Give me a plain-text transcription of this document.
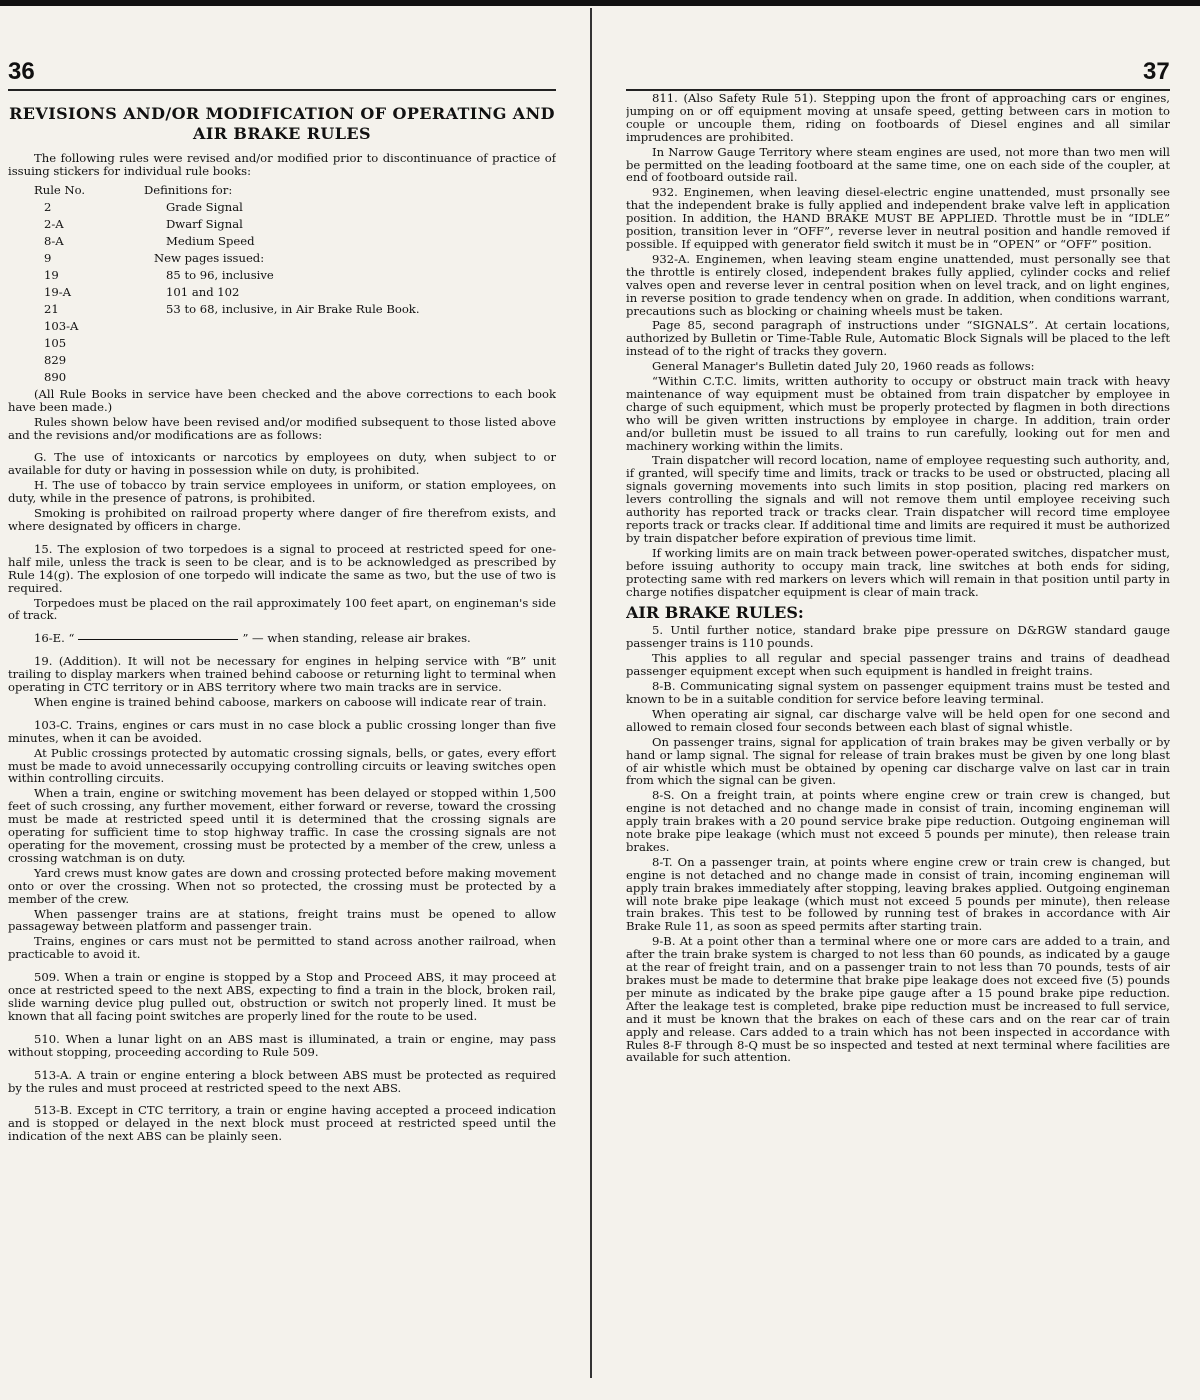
36	37
REVISIONS AND/OR MODIFICATION OF OPERATING AND AIR BRAKE RULES

The following rules were revised and/or modified prior to discontinuance of practice of issuing stickers for individual rule books:

Rule No.	Definitions for:
2	Grade Signal
2-A	Dwarf Signal
8-A	Medium Speed
9	New pages issued:
19	85 to 96, inclusive
19-A	101 and 102
21	53 to 68, inclusive, in Air Brake Rule Book.
103-A
105
829
890

(All Rule Books in service have been checked and the above corrections to each book have been made.)

Rules shown below have been revised and/or modified subsequent to those listed above and the revisions and/or modifications are as follows:

G. The use of intoxicants or narcotics by employees on duty, when subject to or available for duty or having in possession while on duty, is prohibited.

H. The use of tobacco by train service employees in uniform, or station employees, on duty, while in the presence of patrons, is prohibited.

Smoking is prohibited on railroad property where danger of fire therefrom exists, and where designated by officers in charge.

15. The explosion of two torpedoes is a signal to proceed at restricted speed for one-half mile, unless the track is seen to be clear, and is to be acknowledged as prescribed by Rule 14(g). The explosion of one torpedo will indicate the same as two, but the use of two is required.

Torpedoes must be placed on the rail approximately 100 feet apart, on engineman's side of track.

16-E. “	” — when standing, release air brakes.

19. (Addition). It will not be necessary for engines in helping service with “B” unit trailing to display markers when trained behind caboose or returning light to terminal when operating in CTC territory or in ABS territory where two main tracks are in service.

When engine is trained behind caboose, markers on caboose will indicate rear of train.

103-C. Trains, engines or cars must in no case block a public crossing longer than five minutes, when it can be avoided.

At Public crossings protected by automatic crossing signals, bells, or gates, every effort must be made to avoid unnecessarily occupying controlling circuits or leaving switches open within controlling circuits.

When a train, engine or switching movement has been delayed or stopped within 1,500 feet of such crossing, any further movement, either forward or reverse, toward the crossing must be made at restricted speed until it is determined that the crossing signals are operating for sufficient time to stop highway traffic. In case the crossing signals are not operating for the movement, crossing must be protected by a member of the crew, unless a crossing watchman is on duty.

Yard crews must know gates are down and crossing protected before making movement onto or over the crossing. When not so protected, the crossing must be protected by a member of the crew.

When passenger trains are at stations, freight trains must be opened to allow passageway between platform and passenger train.

Trains, engines or cars must not be permitted to stand across another railroad, when practicable to avoid it.

509. When a train or engine is stopped by a Stop and Proceed ABS, it may proceed at once at restricted speed to the next ABS, expecting to find a train in the block, broken rail, slide warning device plug pulled out, obstruction or switch not properly lined. It must be known that all facing point switches are properly lined for the route to be used.

510. When a lunar light on an ABS mast is illuminated, a train or engine, may pass without stopping, proceeding according to Rule 509.

513-A. A train or engine entering a block between ABS must be protected as required by the rules and must proceed at restricted speed to the next ABS.

513-B. Except in CTC territory, a train or engine having accepted a proceed indication and is stopped or delayed in the next block must proceed at restricted speed until the indication of the next ABS can be plainly seen.

811. (Also Safety Rule 51). Stepping upon the front of approaching cars or engines, jumping on or off equipment moving at unsafe speed, getting between cars in motion to couple or uncouple them, riding on footboards of Diesel engines and all similar imprudences are prohibited.

In Narrow Gauge Territory where steam engines are used, not more than two men will be permitted on the leading footboard at the same time, one on each side of the coupler, at end of footboard outside rail.

932. Enginemen, when leaving diesel-electric engine unattended, must prsonally see that the independent brake is fully applied and independent brake valve left in application position. In addition, the HAND BRAKE MUST BE APPLIED. Throttle must be in “IDLE” position, transition lever in “OFF”, reverse lever in neutral position and handle removed if possible. If equipped with generator field switch it must be in “OPEN” or “OFF” position.

932-A. Enginemen, when leaving steam engine unattended, must personally see that the throttle is entirely closed, independent brakes fully applied, cylinder cocks and relief valves open and reverse lever in central position when on level track, and on light engines, in reverse position to grade tendency when on grade. In addition, when conditions warrant, precautions such as blocking or chaining wheels must be taken.

Page 85, second paragraph of instructions under “SIGNALS”. At certain locations, authorized by Bulletin or Time-Table Rule, Automatic Block Signals will be placed to the left instead of to the right of tracks they govern.

General Manager's Bulletin dated July 20, 1960 reads as follows:

“Within C.T.C. limits, written authority to occupy or obstruct main track with heavy maintenance of way equipment must be obtained from train dispatcher by employee in charge of such equipment, which must be properly protected by flagmen in both directions who will be given written instructions by employee in charge. In addition, train order and/or bulletin must be issued to all trains to run carefully, looking out for men and machinery working within the limits.

Train dispatcher will record location, name of employee requesting such authority, and, if granted, will specify time and limits, track or tracks to be used or obstructed, placing all signals governing movements into such limits in stop position, placing red markers on levers controlling the signals and will not remove them until employee receiving such authority has reported track or tracks clear. Train dispatcher will record time employee reports track or tracks clear. If additional time and limits are required it must be authorized by train dispatcher before expiration of previous time limit.

If working limits are on main track between power-operated switches, dispatcher must, before issuing authority to occupy main track, line switches at both ends for siding, protecting same with red markers on levers which will remain in that position until party in charge notifies dispatcher equipment is clear of main track.

AIR BRAKE RULES:

5. Until further notice, standard brake pipe pressure on D&RGW standard gauge passenger trains is 110 pounds.

This applies to all regular and special passenger trains and trains of deadhead passenger equipment except when such equipment is handled in freight trains.

8-B. Communicating signal system on passenger equipment trains must be tested and known to be in a suitable condition for service before leaving terminal.

When operating air signal, car discharge valve will be held open for one second and allowed to remain closed four seconds between each blast of signal whistle.

On passenger trains, signal for application of train brakes may be given verbally or by hand or lamp signal. The signal for release of train brakes must be given by one long blast of air whistle which must be obtained by opening car discharge valve on last car in train from which the signal can be given.

8-S. On a freight train, at points where engine crew or train crew is changed, but engine is not detached and no change made in consist of train, incoming engineman will apply train brakes with a 20 pound service brake pipe reduction. Outgoing engineman will note brake pipe leakage (which must not exceed 5 pounds per minute), then release train brakes.

8-T. On a passenger train, at points where engine crew or train crew is changed, but engine is not detached and no change made in consist of train, incoming engineman will apply train brakes immediately after stopping, leaving brakes applied. Outgoing engineman will note brake pipe leakage (which must not exceed 5 pounds per minute), then release train brakes. This test to be followed by running test of brakes in accordance with Air Brake Rule 11, as soon as speed permits after starting train.

9-B. At a point other than a terminal where one or more cars are added to a train, and after the train brake system is charged to not less than 60 pounds, as indicated by a gauge at the rear of freight train, and on a passenger train to not less than 70 pounds, tests of air brakes must be made to determine that brake pipe leakage does not exceed five (5) pounds per minute as indicated by the brake pipe gauge after a 15 pound brake pipe reduction. After the leakage test is completed, brake pipe reduction must be increased to full service, and it must be known that the brakes on each of these cars and on the rear car of train apply and release. Cars added to a train which has not been inspected in accordance with Rules 8-F through 8-Q must be so inspected and tested at next terminal where facilities are available for such attention.
